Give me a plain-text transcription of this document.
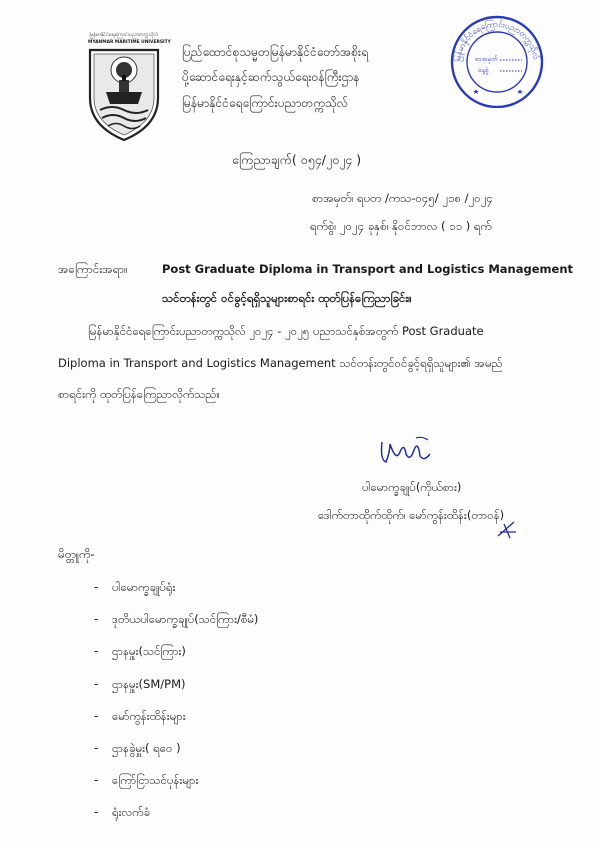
မြန်မာနိုင်ငံရေကြောင်းပညာတက္ကသိုလ်
MYANMAR MARITIME UNIVERSITY
ပြည်ထောင်စုသမ္မတမြန်မာနိုင်ငံတော်အစိုးရ
ပို့ဆောင်ရေးနှင့်ဆက်သွယ်ရေးဝန်ကြီးဌာန
မြန်မာနိုင်ငံရေကြောင်းပညာတက္ကသိုလ်
မြန်မာနိုင်ငံရေကြောင်းပညာတက္ကသိုလ်
စာအမှတ်
နေ့စွဲ
ကြေညာချက်( ၀၅၄/၂၀၂၄ )
စာအမှတ်၊ ရပတ /ကသ-၀၄၅/ ၂၁၈ /၂၀၂၄
ရက်စွဲ၊ ၂၀၂၄ ခုနှစ်၊ နိုဝင်ဘာလ ( ၁၁ ) ရက်
အကြောင်းအရာ။	Post Graduate Diploma in Transport and Logistics Management
သင်တန်းတွင် ဝင်ခွင့်ရရှိသူများစာရင်း ထုတ်ပြန်ကြေညာခြင်း။
မြန်မာနိုင်ငံရေကြောင်းပညာတက္ကသိုလ် ၂၀၂၄ - ၂၀၂၅ ပညာသင်နှစ်အတွက် Post Graduate
Diploma in Transport and Logistics Management သင်တန်းတွင်ဝင်ခွင့်ရရှိသူများ၏ အမည်
စာရင်းကို ထုတ်ပြန်ကြေညာလိုက်သည်။
ပါမောက္ခချုပ်(ကိုယ်စား)
ဒေါက်တာထိုက်ထိုက်၊ မော်ကွန်းထိန်း(တာဝန်)
မိတ္တူကို-
- ပါမောက္ခချုပ်ရုံး
- ဒုတိယပါမောက္ခချုပ်(သင်ကြား/စီမံ)
- ဌာနမှူး(သင်ကြား)
- ဌာနမှူး(SM/PM)
- မော်ကွန်းထိန်းများ
- ဌာနခွဲမှူး( ရဝေ )
- ကြော်ငြာသင်ပုန်းများ
- ရုံးလက်ခံ
